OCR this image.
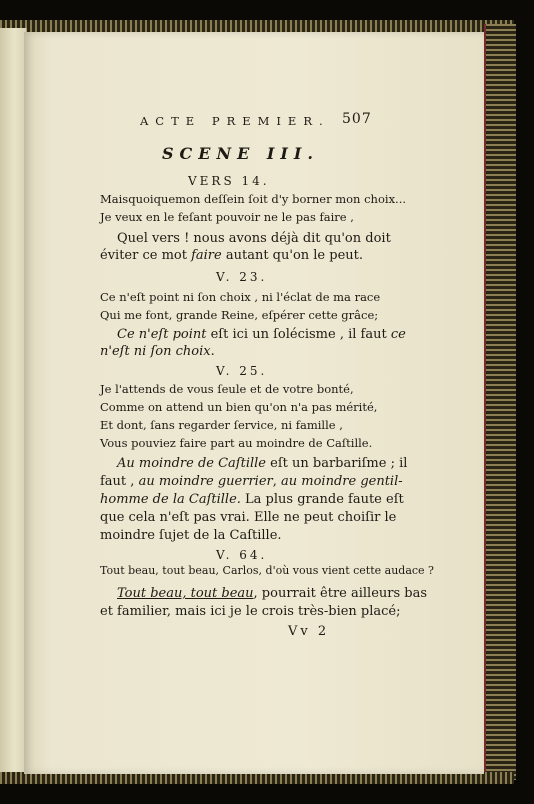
ACTE PREMIER. 507
SCENE III.
VERS 14.
Maisquoiquemon deſſein ſoit d'y borner mon choix...
Je veux en le feſant pouvoir ne le pas faire ,
Quel vers ! nous avons déjà dit qu'on doit
éviter ce mot faire autant qu'on le peut.
V. 23.
Ce n'eſt point ni ſon choix , ni l'éclat de ma race
Qui me font, grande Reine, eſpérer cette grâce;
Ce n'eſt point eſt ici un ſolécisme , il faut ce
n'eſt ni ſon choix.
V. 25.
Je l'attends de vous ſeule et de votre bonté,
Comme on attend un bien qu'on n'a pas mérité,
Et dont, ſans regarder ſervice, ni famille ,
Vous pouviez faire part au moindre de Caſtille.
Au moindre de Caſtille eſt un barbariſme ; il
faut , au moindre guerrier, au moindre gentil-
homme de la Caſtille. La plus grande faute eſt
que cela n'eſt pas vrai. Elle ne peut choiſir le
moindre ſujet de la Caſtille.
V. 64.
Tout beau, tout beau, Carlos, d'où vous vient cette audace ?
Tout beau, tout beau, pourrait être ailleurs bas
et familier, mais ici je le crois très-bien placé;
Vv 2
